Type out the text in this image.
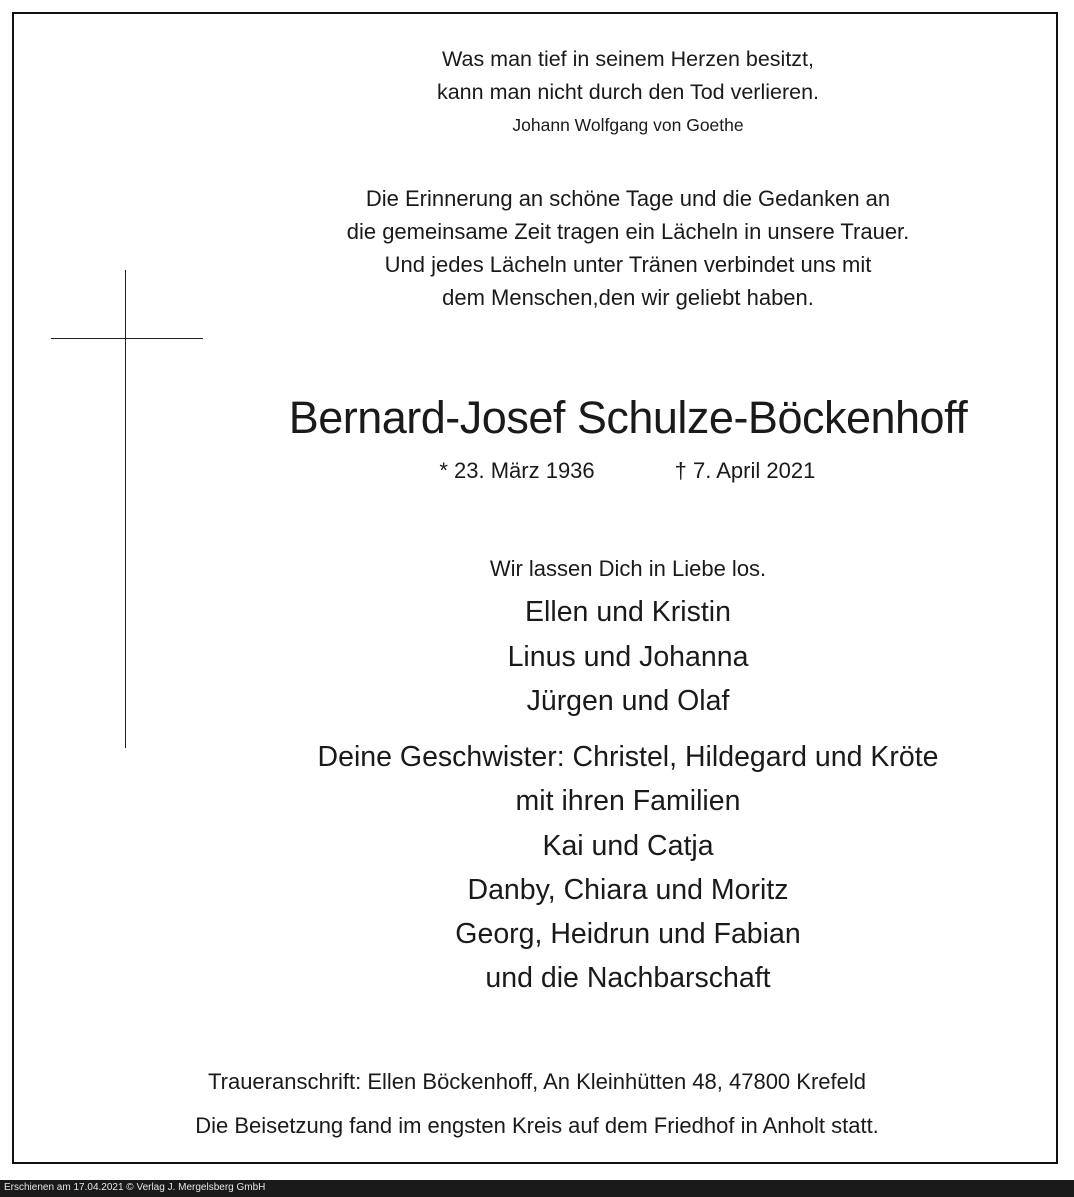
Was man tief in seinem Herzen besitzt,

kann man nicht durch den Tod verlieren.

Johann Wolfgang von Goethe

Die Erinnerung an schöne Tage und die Gedanken an

die gemeinsame Zeit tragen ein Lächeln in unsere Trauer.

Und jedes Lächeln unter Tränen verbindet uns mit

dem Menschen,den wir geliebt haben.

Bernard-Josef Schulze-Böckenhoff

* 23. März 1936	† 7. April 2021

Wir lassen Dich in Liebe los.

Ellen und Kristin

Linus und Johanna

Jürgen und Olaf

Deine Geschwister: Christel, Hildegard und Kröte

mit ihren Familien

Kai und Catja

Danby, Chiara und Moritz

Georg, Heidrun und Fabian

und die Nachbarschaft

Traueranschrift: Ellen Böckenhoff, An Kleinhütten 48, 47800 Krefeld

Die Beisetzung fand im engsten Kreis auf dem Friedhof in Anholt statt.

Erschienen am 17.04.2021 © Verlag J. Mergelsberg GmbH
